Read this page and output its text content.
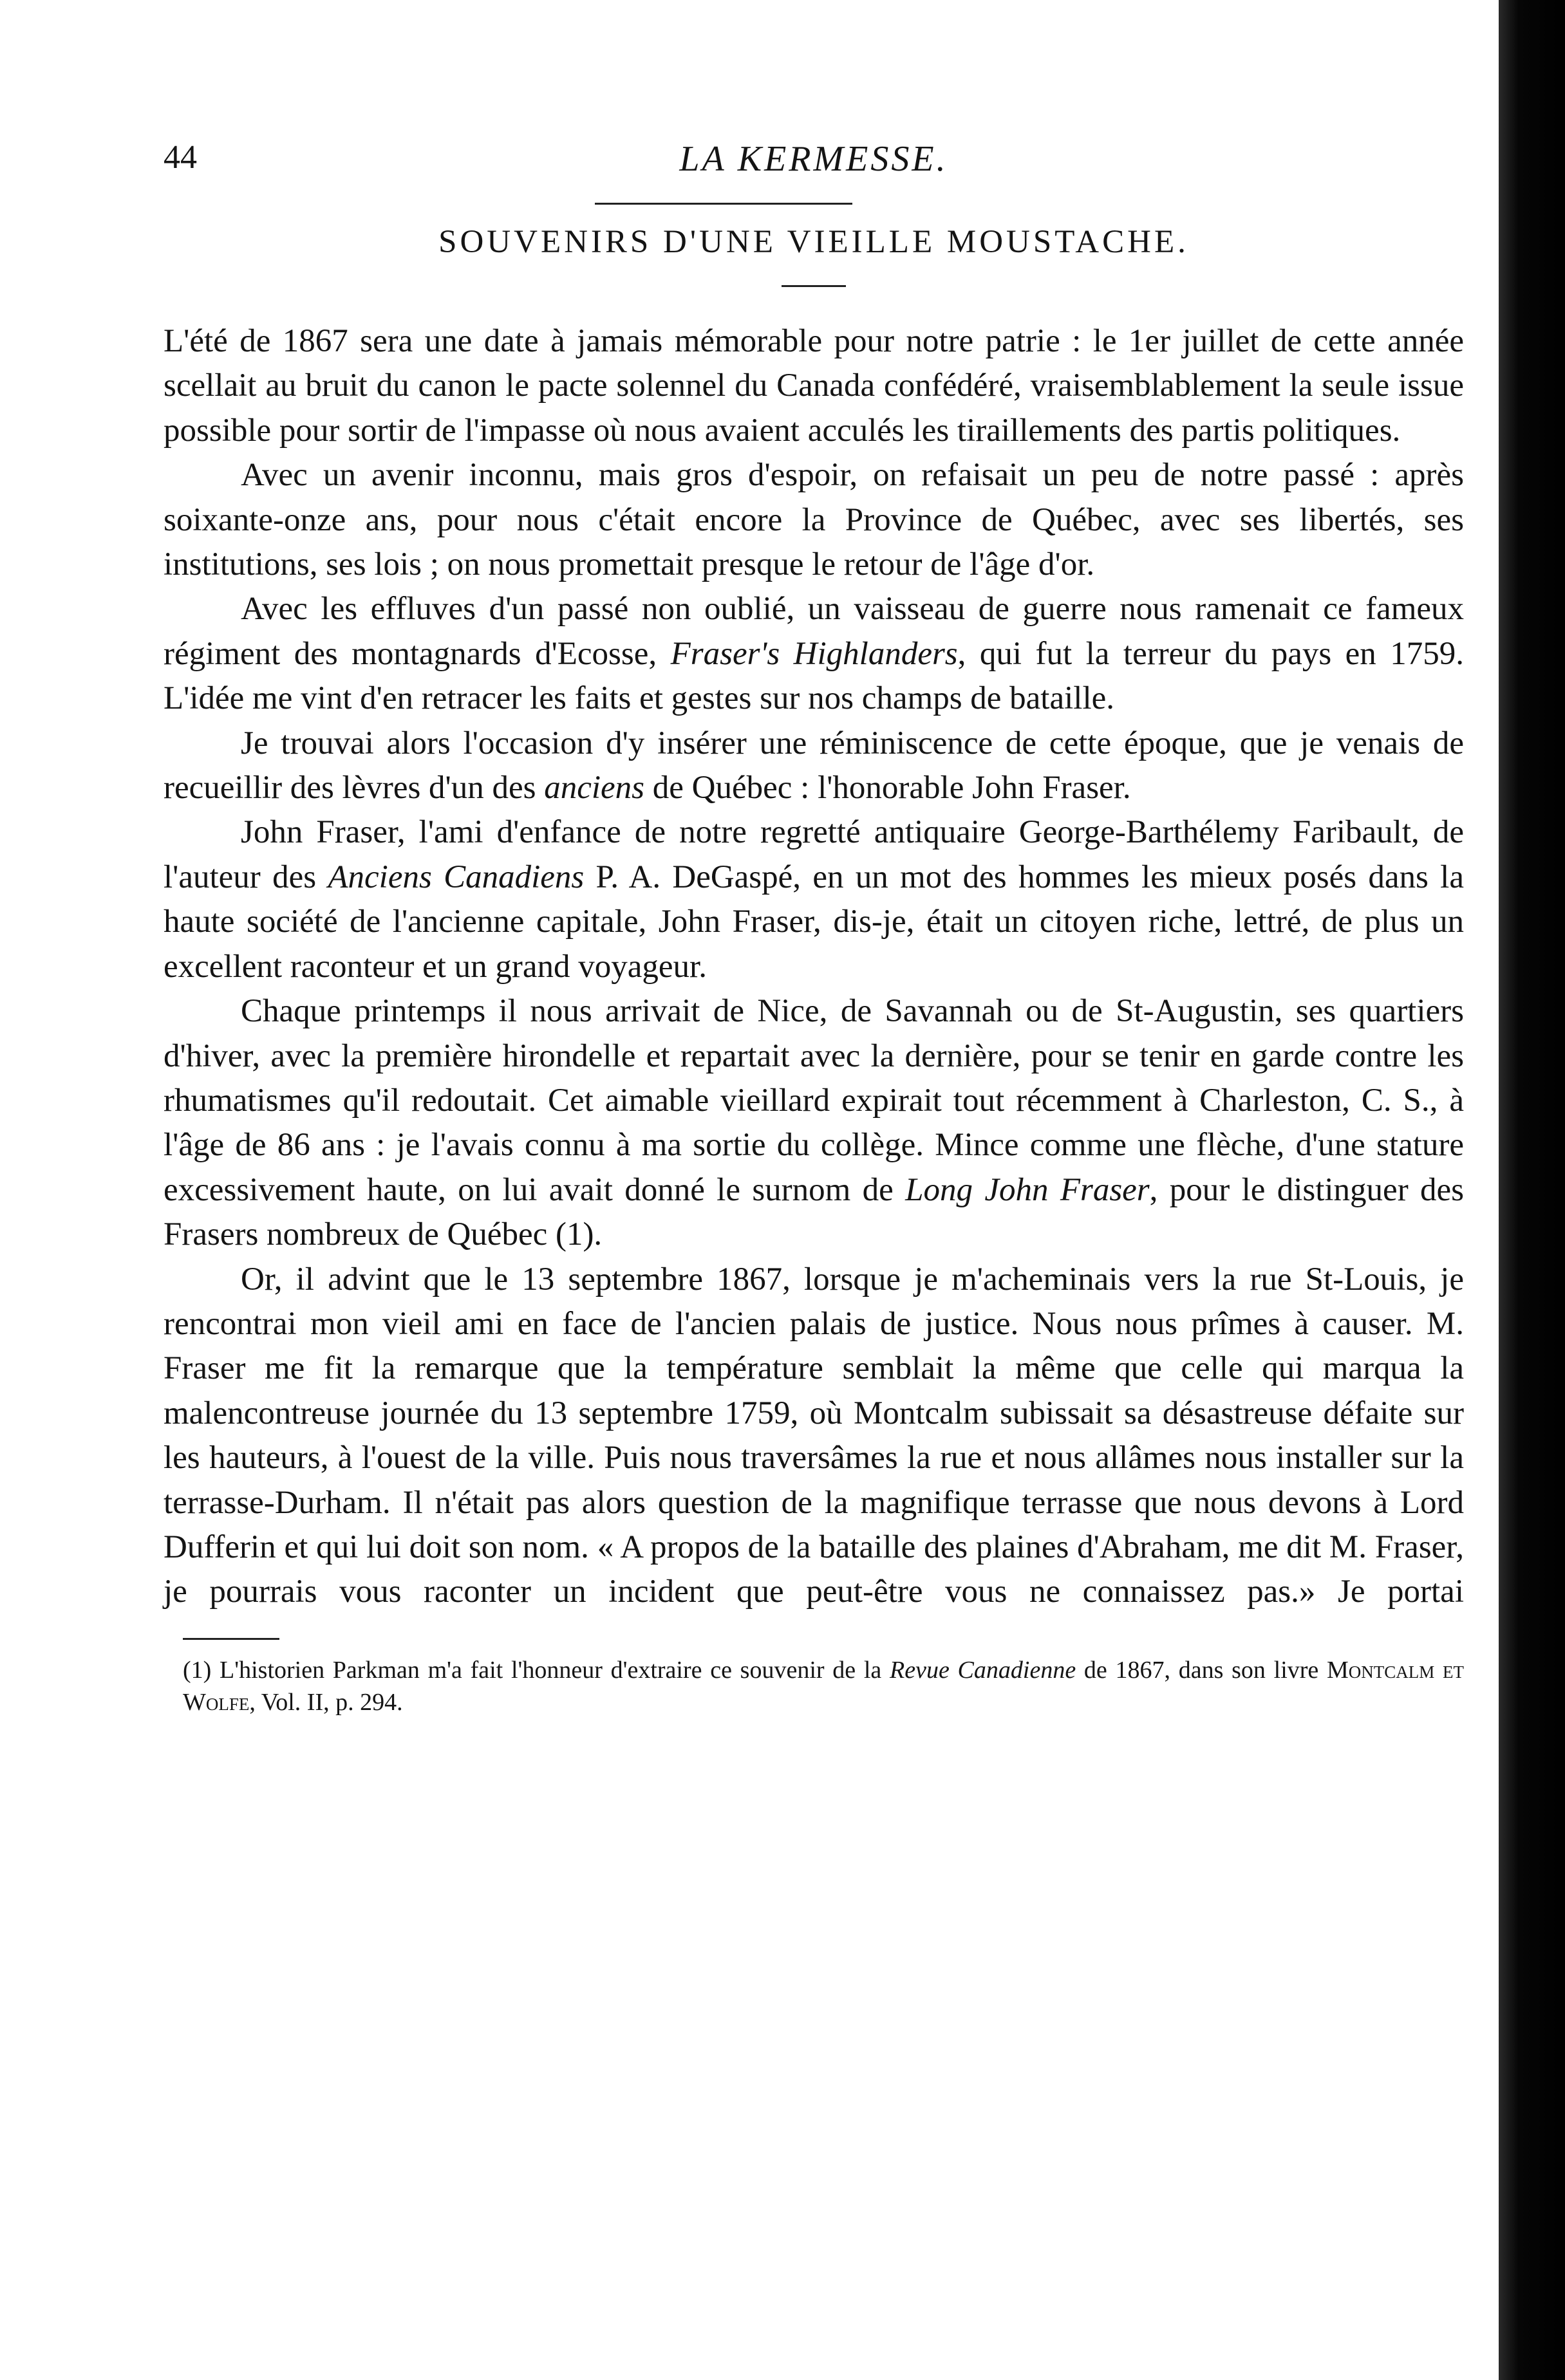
44	LA KERMESSE.
SOUVENIRS D'UNE VIEILLE MOUSTACHE.

L'été de 1867 sera une date à jamais mémorable pour notre patrie : le 1er juillet de cette année scellait au bruit du canon le pacte solennel du Canada confédéré, vraisemblablement la seule issue possible pour sortir de l'impasse où nous avaient acculés les tiraillements des partis politiques.

Avec un avenir inconnu, mais gros d'espoir, on refaisait un peu de notre passé : après soixante-onze ans, pour nous c'était encore la Province de Québec, avec ses libertés, ses institutions, ses lois ; on nous promettait presque le retour de l'âge d'or.

Avec les effluves d'un passé non oublié, un vaisseau de guerre nous ramenait ce fameux régiment des montagnards d'Ecosse, Fraser's Highlanders, qui fut la terreur du pays en 1759. L'idée me vint d'en retracer les faits et gestes sur nos champs de bataille.

Je trouvai alors l'occasion d'y insérer une réminiscence de cette époque, que je venais de recueillir des lèvres d'un des anciens de Québec : l'honorable John Fraser.

John Fraser, l'ami d'enfance de notre regretté antiquaire George-Barthélemy Faribault, de l'auteur des Anciens Canadiens P. A. DeGaspé, en un mot des hommes les mieux posés dans la haute société de l'ancienne capitale, John Fraser, dis-je, était un citoyen riche, lettré, de plus un excellent raconteur et un grand voyageur.

Chaque printemps il nous arrivait de Nice, de Savannah ou de St-Augustin, ses quartiers d'hiver, avec la première hirondelle et repartait avec la dernière, pour se tenir en garde contre les rhumatismes qu'il redoutait. Cet aimable vieillard expirait tout récemment à Charleston, C. S., à l'âge de 86 ans : je l'avais connu à ma sortie du collège. Mince comme une flèche, d'une stature excessivement haute, on lui avait donné le surnom de Long John Fraser, pour le distinguer des Frasers nombreux de Québec (1).

Or, il advint que le 13 septembre 1867, lorsque je m'acheminais vers la rue St-Louis, je rencontrai mon vieil ami en face de l'ancien palais de justice. Nous nous prîmes à causer. M. Fraser me fit la remarque que la température semblait la même que celle qui marqua la malencontreuse journée du 13 septembre 1759, où Montcalm subissait sa désastreuse défaite sur les hauteurs, à l'ouest de la ville. Puis nous traversâmes la rue et nous allâmes nous installer sur la terrasse-Durham. Il n'était pas alors question de la magnifique terrasse que nous devons à Lord Dufferin et qui lui doit son nom. « A propos de la bataille des plaines d'Abraham, me dit M. Fraser, je pourrais vous raconter un incident que peut-être vous ne connaissez pas.» Je portai

(1) L'historien Parkman m'a fait l'honneur d'extraire ce souvenir de la Revue Canadienne de 1867, dans son livre Montcalm et Wolfe, Vol. II, p. 294.
